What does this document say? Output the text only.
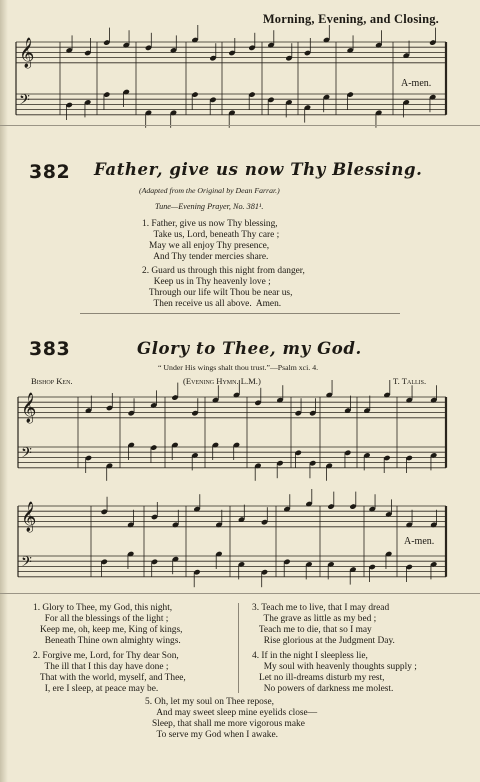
Morning, Evening, and Closing.
𝄞
𝄢
A-men.
382 Father, give us now Thy Blessing.
(Adapted from the Original by Dean Farrar.)
Tune—Evening Prayer, No. 381¹.
1. Father, give us now Thy blessing,
Take us, Lord, beneath Thy care ;
May we all enjoy Thy presence,
And Thy tender mercies share.
2. Guard us through this night from danger,
Keep us in Thy heavenly love ;
Through our life wilt Thou be near us,
Then receive us all above.  Amen.
383	Glory to Thee, my God.
“ Under His wings shalt thou trust.”—Psalm xci. 4.
Bishop Ken.	(Evening Hymn. L.M.)	T. Tallis.
𝄞
𝄢
𝄞
𝄢
A-men.
1. Glory to Thee, my God, this night,
For all the blessings of the light ;
Keep me, oh, keep me, King of kings,
Beneath Thine own almighty wings.
2. Forgive me, Lord, for Thy dear Son,
The ill that I this day have done ;
That with the world, myself, and Thee,
I, ere I sleep, at peace may be.
3. Teach me to live, that I may dread
The grave as little as my bed ;
Teach me to die, that so I may
Rise glorious at the Judgment Day.
4. If in the night I sleepless lie,
My soul with heavenly thoughts supply ;
Let no ill-dreams disturb my rest,
No powers of darkness me molest.
5. Oh, let my soul on Thee repose,
And may sweet sleep mine eyelids close—
Sleep, that shall me more vigorous make
To serve my God when I awake.
